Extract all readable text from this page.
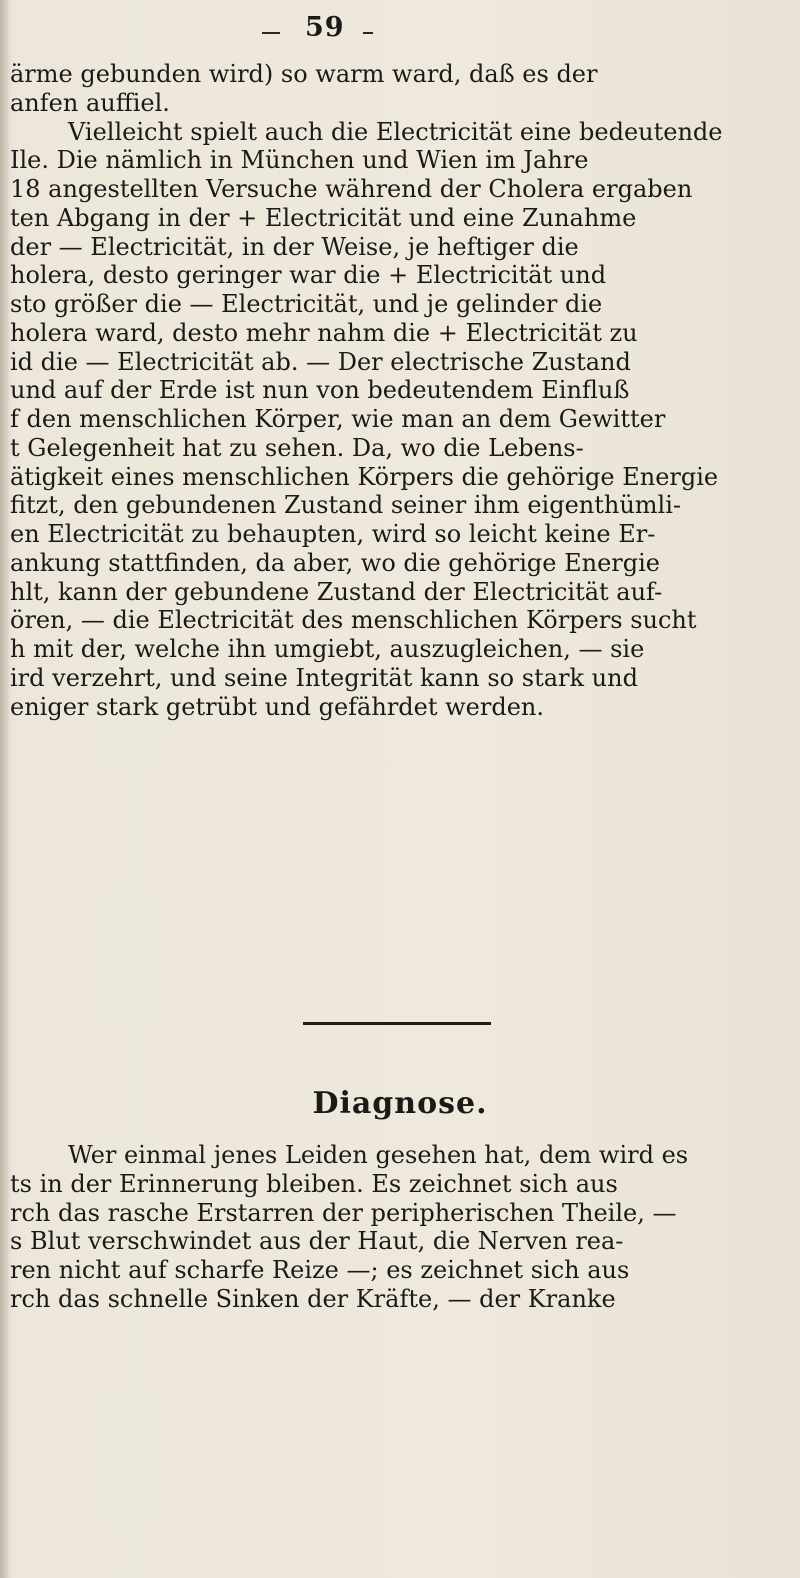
59
ärme gebunden wird) so warm ward, daß es der
anfen auffiel.
Vielleicht spielt auch die Electricität eine bedeutende
Ile. Die nämlich in München und Wien im Jahre
18 angestellten Versuche während der Cholera ergaben
ten Abgang in der + Electricität und eine Zunahme
der — Electricität, in der Weise, je heftiger die
holera, desto geringer war die + Electricität und
sto größer die — Electricität, und je gelinder die
holera ward, desto mehr nahm die + Electricität zu
id die — Electricität ab. — Der electrische Zustand
und auf der Erde ist nun von bedeutendem Einfluß
f den menschlichen Körper, wie man an dem Gewitter
t Gelegenheit hat zu sehen. Da, wo die Lebens-
ätigkeit eines menschlichen Körpers die gehörige Energie
fitzt, den gebundenen Zustand seiner ihm eigenthümli-
en Electricität zu behaupten, wird so leicht keine Er-
ankung stattfinden, da aber, wo die gehörige Energie
hlt, kann der gebundene Zustand der Electricität auf-
ören, — die Electricität des menschlichen Körpers sucht
h mit der, welche ihn umgiebt, auszugleichen, — sie
ird verzehrt, und seine Integrität kann so stark und
eniger stark getrübt und gefährdet werden.
Diagnose.
Wer einmal jenes Leiden gesehen hat, dem wird es
ts in der Erinnerung bleiben. Es zeichnet sich aus
rch das rasche Erstarren der peripherischen Theile, —
s Blut verschwindet aus der Haut, die Nerven rea-
ren nicht auf scharfe Reize —; es zeichnet sich aus
rch das schnelle Sinken der Kräfte, — der Kranke
